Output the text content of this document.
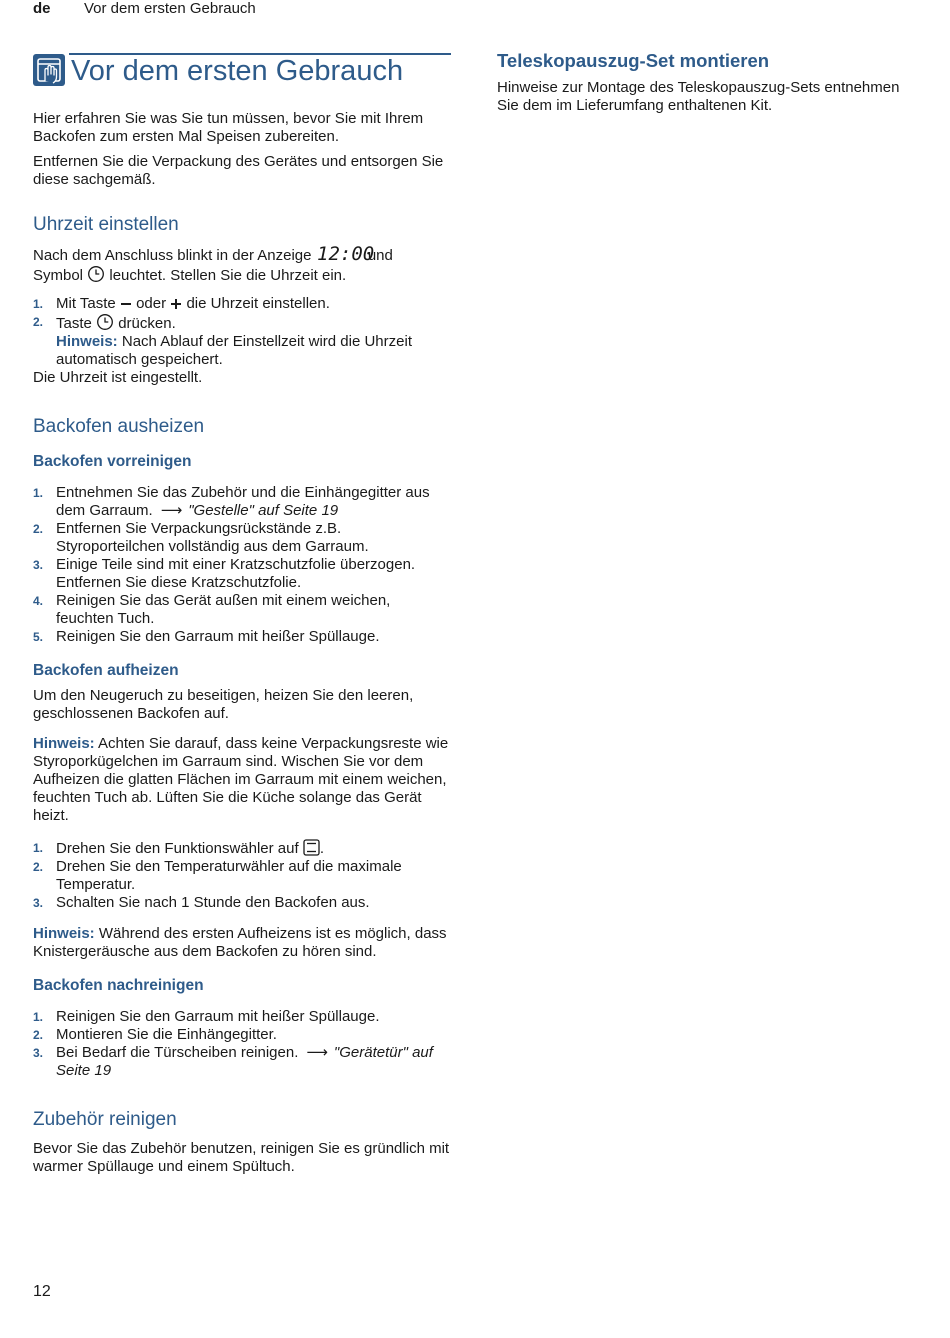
de Vor dem ersten Gebrauch
Vor dem ersten Gebrauch

Hier erfahren Sie was Sie tun müssen, bevor Sie mit Ihrem Backofen zum ersten Mal Speisen zubereiten.

Entfernen Sie die Verpackung des Gerätes und entsorgen Sie diese sachgemäß.

Uhrzeit einstellen

Nach dem Anschluss blinkt in der Anzeige 12:00
und
Symbol leuchtet. Stellen Sie die Uhrzeit ein.

1. Mit Taste oder die Uhrzeit einstellen.
2. Taste drücken.
Hinweis: Nach Ablauf der Einstellzeit wird die Uhrzeit automatisch gespeichert.
Die Uhrzeit ist eingestellt.
Backofen ausheizen
Backofen vorreinigen
1. Entnehmen Sie das Zubehör und die Einhängegitter aus dem Garraum. ⟶ "Gestelle" auf Seite 19
2. Entfernen Sie Verpackungsrückstände z.B. Styroporteilchen vollständig aus dem Garraum.
3. Einige Teile sind mit einer Kratzschutzfolie überzogen. Entfernen Sie diese Kratzschutzfolie.
4. Reinigen Sie das Gerät außen mit einem weichen, feuchten Tuch.
5. Reinigen Sie den Garraum mit heißer Spüllauge.
Backofen aufheizen

Um den Neugeruch zu beseitigen, heizen Sie den leeren, geschlossenen Backofen auf.

Hinweis: Achten Sie darauf, dass keine Verpackungsreste wie Styroporkügelchen im Garraum sind. Wischen Sie vor dem Aufheizen die glatten Flächen im Garraum mit einem weichen, feuchten Tuch ab. Lüften Sie die Küche solange das Gerät heizt.

1. Drehen Sie den Funktionswähler auf .
2. Drehen Sie den Temperaturwähler auf die maximale Temperatur.
3. Schalten Sie nach 1 Stunde den Backofen aus.

Hinweis: Während des ersten Aufheizens ist es möglich, dass Knistergeräusche aus dem Backofen zu hören sind.

Backofen nachreinigen
1. Reinigen Sie den Garraum mit heißer Spüllauge.
2. Montieren Sie die Einhängegitter.
3. Bei Bedarf die Türscheiben reinigen. ⟶ "Gerätetür" auf Seite 19
Zubehör reinigen

Bevor Sie das Zubehör benutzen, reinigen Sie es gründlich mit warmer Spüllauge und einem Spültuch.

Teleskopauszug-Set montieren

Hinweise zur Montage des Teleskopauszug-Sets entnehmen Sie dem im Lieferumfang enthaltenen Kit.

12
